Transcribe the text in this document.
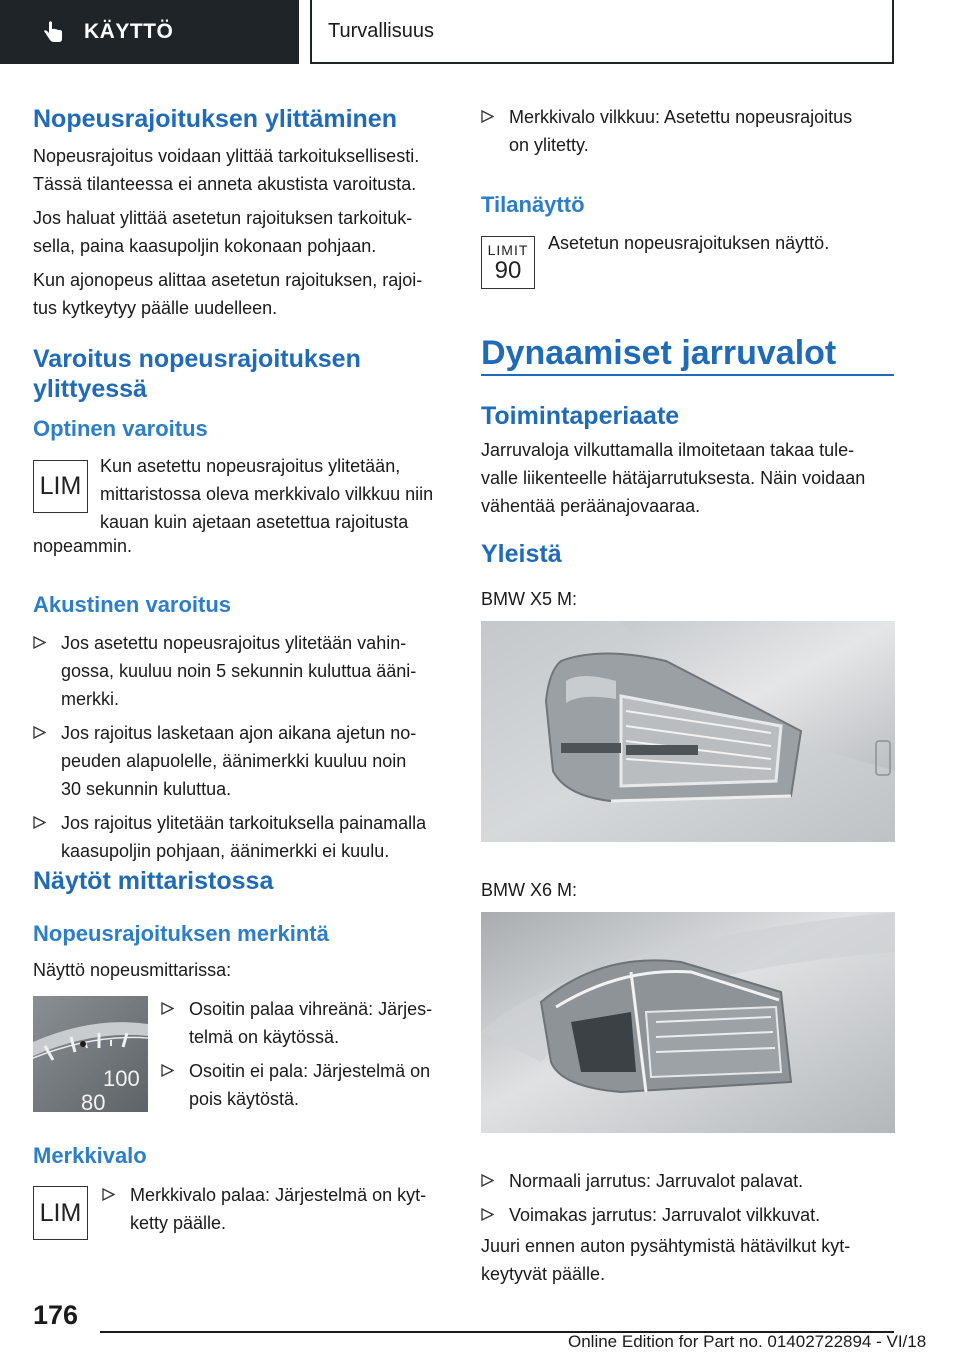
KÄYTTÖ	Turvallisuus
Nopeusrajoituksen ylittäminen

Nopeusrajoitus voidaan ylittää tarkoituksellisesti.

Tässä tilanteessa ei anneta akustista varoitusta.

Jos haluat ylittää asetetun rajoituksen tarkoituk-

sella, paina kaasupoljin kokonaan pohjaan.

Kun ajonopeus alittaa asetetun rajoituksen, rajoi-

tus kytkeytyy päälle uudelleen.

Varoitus nopeusrajoituksen
ylittyessä
Optinen varoitus
LIM

Kun asetettu nopeusrajoitus ylitetään,

mittaristossa oleva merkkivalo vilkkuu niin

kauan kuin ajetaan asetettua rajoitusta

nopeammin.

Akustinen varoitus
Jos asetettu nopeusrajoitus ylitetään vahin-
gossa, kuuluu noin 5 sekunnin kuluttua ääni-
merkki.
Jos rajoitus lasketaan ajon aikana ajetun no-
peuden alapuolelle, äänimerkki kuuluu noin
30 sekunnin kuluttua.
Jos rajoitus ylitetään tarkoituksella painamalla
kaasupoljin pohjaan, äänimerkki ei kuulu.
Näytöt mittaristossa
Nopeusrajoituksen merkintä

Näyttö nopeusmittarissa:

100
80
Osoitin palaa vihreänä: Järjes-
telmä on käytössä.
Osoitin ei pala: Järjestelmä on
pois käytöstä.
Merkkivalo
LIM
Merkkivalo palaa: Järjestelmä on kyt-
ketty päälle.
Merkkivalo vilkkuu: Asetettu nopeusrajoitus
on ylitetty.
Tilanäyttö
LIMIT
90

Asetetun nopeusrajoituksen näyttö.

Dynaamiset jarruvalot
Toimintaperiaate

Jarruvaloja vilkuttamalla ilmoitetaan takaa tule-

valle liikenteelle hätäjarrutuksesta. Näin voidaan

vähentää peräänajovaaraa.

Yleistä

BMW X5 M:

BMW X6 M:

Normaali jarrutus: Jarruvalot palavat.
Voimakas jarrutus: Jarruvalot vilkkuvat.

Juuri ennen auton pysähtymistä hätävilkut kyt-

keytyvät päälle.

176
Online Edition for Part no. 01402722894 - VI/18
